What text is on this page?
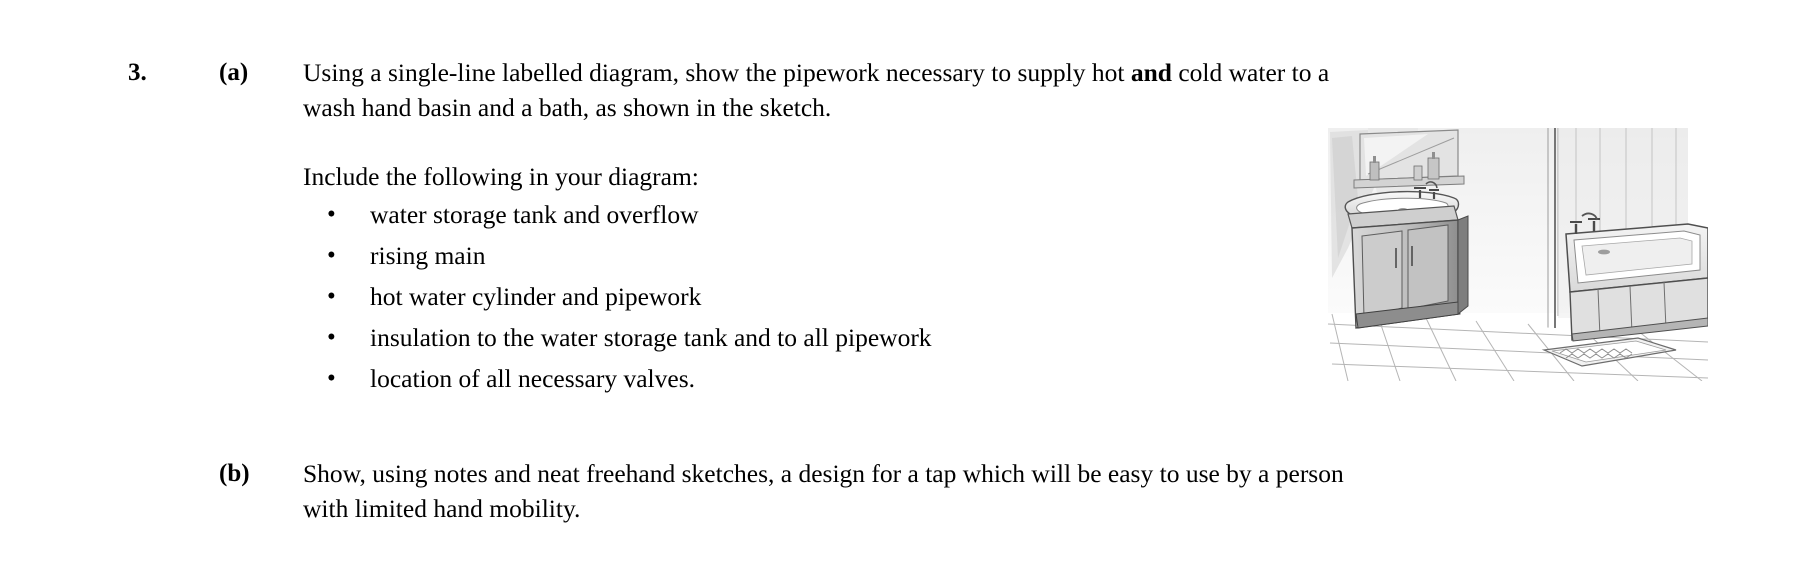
3.	(a) Using a single-line labelled diagram, show the pipework necessary to supply hot and cold water to a
wash hand basin and a bath, as shown in the sketch.
Include the following in your diagram:
• water storage tank and overflow
• rising main
• hot water cylinder and pipework
• insulation to the water storage tank and to all pipework
• location of all necessary valves.
(b) Show, using notes and neat freehand sketches, a design for a tap which will be easy to use by a person
with limited hand mobility.
